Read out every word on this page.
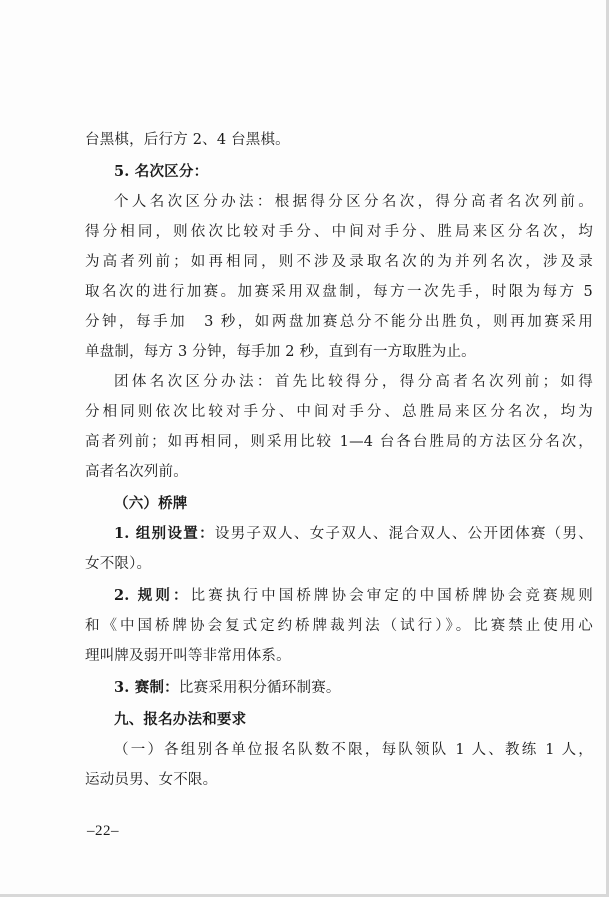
台黑棋，后行方 2、4 台黑棋。
5. 名次区分：
个人名次区分办法：根据得分区分名次，得分高者名次列前。
得分相同，则依次比较对手分、中间对手分、胜局来区分名次，均
为高者列前；如再相同，则不涉及录取名次的为并列名次，涉及录
取名次的进行加赛。加赛采用双盘制，每方一次先手，时限为每方 5
分钟，每手加　3 秒，如两盘加赛总分不能分出胜负，则再加赛采用
单盘制，每方 3 分钟，每手加 2 秒，直到有一方取胜为止。
团体名次区分办法：首先比较得分，得分高者名次列前；如得
分相同则依次比较对手分、中间对手分、总胜局来区分名次，均为
高者列前；如再相同，则采用比较 1—4 台各台胜局的方法区分名次，
高者名次列前。
（六）桥牌
1. 组别设置：设男子双人、女子双人、混合双人、公开团体赛（男、
女不限）。
2. 规则：比赛执行中国桥牌协会审定的中国桥牌协会竞赛规则
和《中国桥牌协会复式定约桥牌裁判法（试行）》。比赛禁止使用心
理叫牌及弱开叫等非常用体系。
3. 赛制：比赛采用积分循环制赛。
九、报名办法和要求
（一）各组别各单位报名队数不限，每队领队 1 人、教练 1 人，
运动员男、女不限。
–22–
